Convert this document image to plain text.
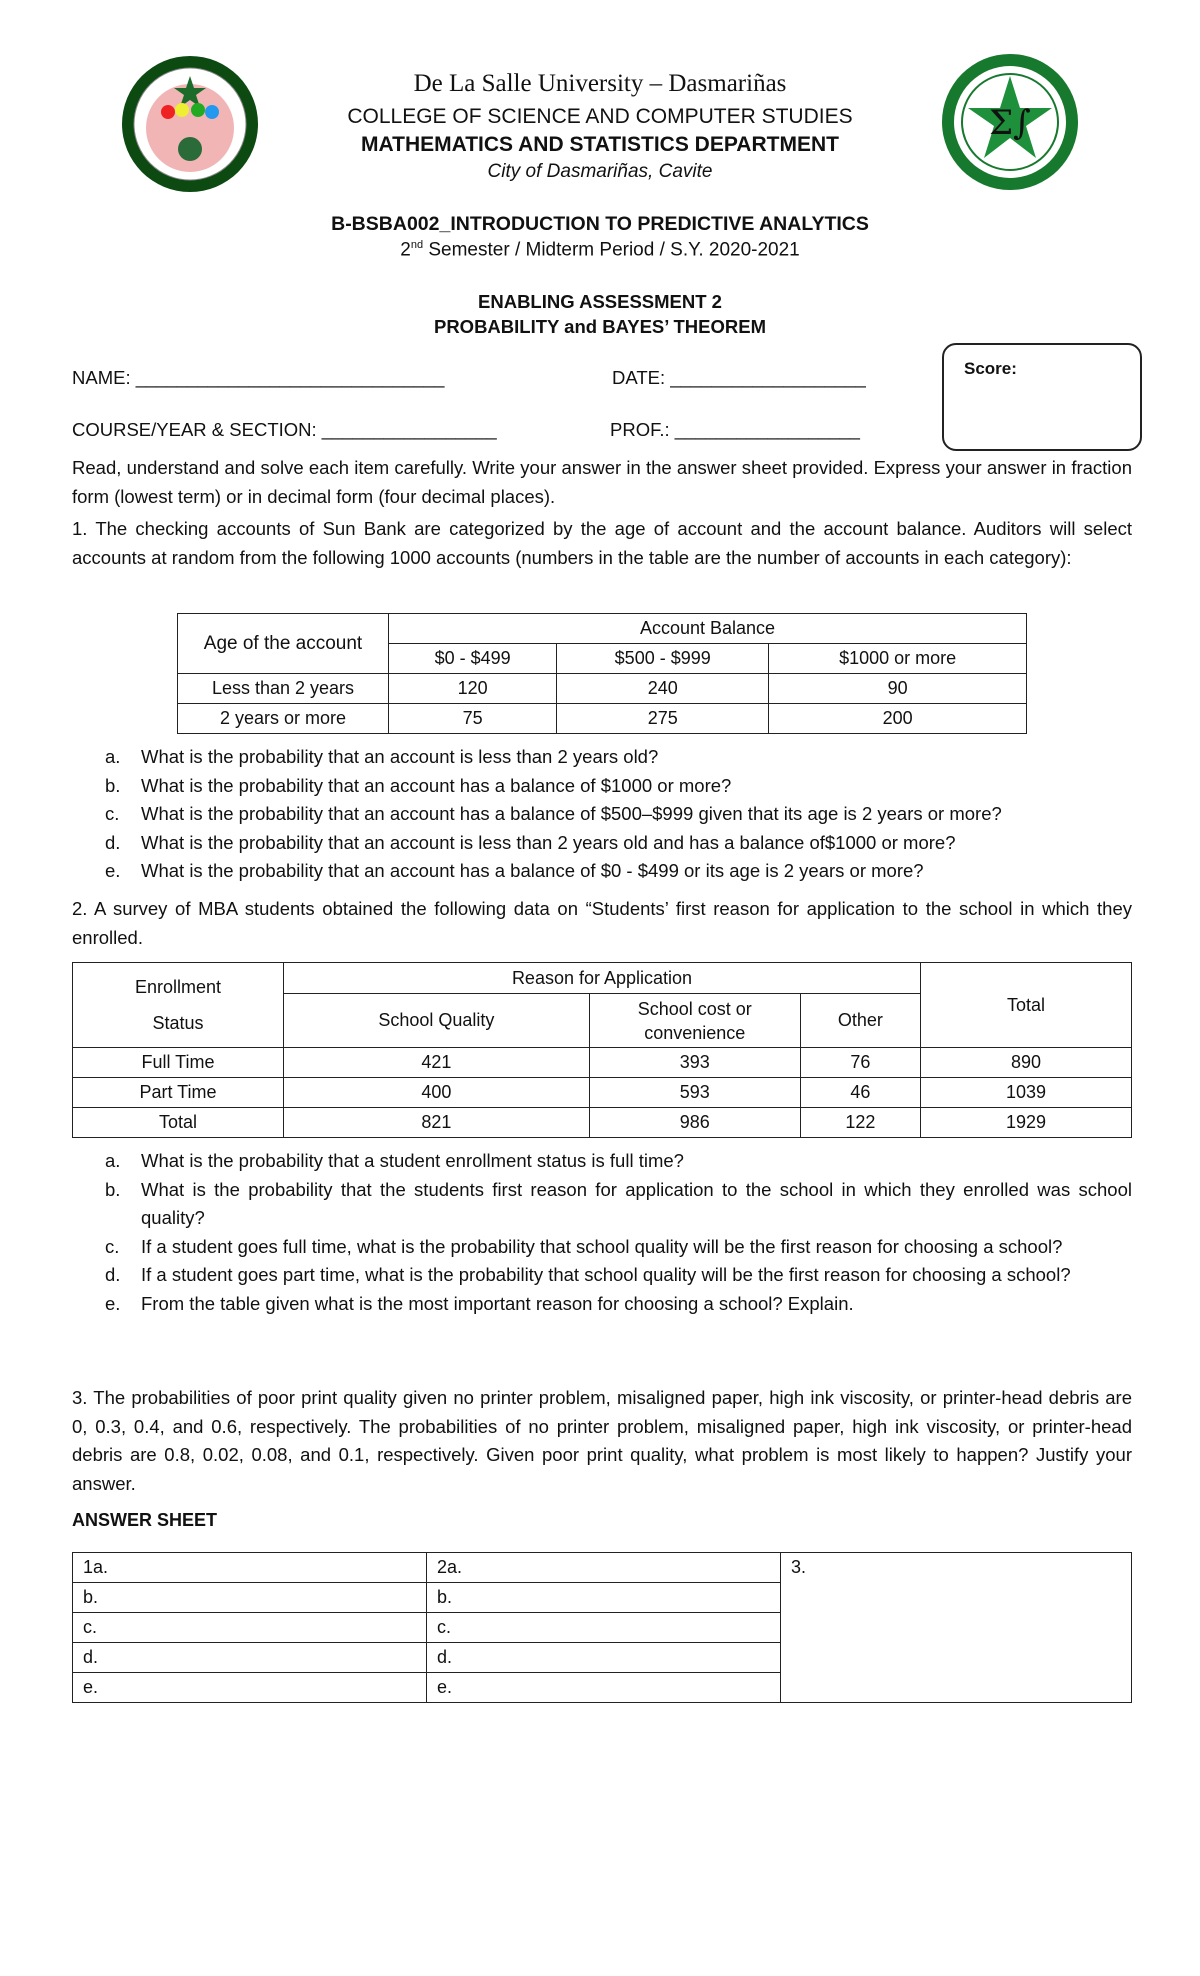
Σ∫
De La Salle University – Dasmariñas
COLLEGE OF SCIENCE AND COMPUTER STUDIES
MATHEMATICS AND STATISTICS DEPARTMENT
City of Dasmariñas, Cavite
B-BSBA002_INTRODUCTION TO PREDICTIVE ANALYTICS
2nd Semester / Midterm Period / S.Y. 2020-2021
ENABLING ASSESSMENT 2
PROBABILITY and BAYES’ THEOREM
NAME: ______________________________	DATE: ___________________
COURSE/YEAR & SECTION: _________________	PROF.: __________________
Score:
Read, understand and solve each item carefully. Write your answer in the answer sheet provided. Express your answer in fraction form (lowest term) or in decimal form (four decimal places).
1. The checking accounts of Sun Bank are categorized by the age of account and the account balance. Auditors will select accounts at random from the following 1000 accounts (numbers in the table are the number of accounts in each category):
Age of the account	Account Balance		
	$0 - $499	$500 - $999	$1000 or more
Less than 2 years	120	240	90
2 years or more	75	275	200
a.	What is the probability that an account is less than 2 years old?
b.	What is the probability that an account has a balance of $1000 or more?
c.	What is the probability that an account has a balance of $500–$999 given that its age is 2 years or more?
d.	What is the probability that an account is less than 2 years old and has a balance of$1000 or more?
e.	What is the probability that an account has a balance of $0 - $499 or its age is 2 years or more?
2. A survey of MBA students obtained the following data on “Students’ first reason for application to the school in which they enrolled.
Enrollment
Status	Reason for Application			Total
	School Quality	School cost or convenience	Other	
Full Time	421	393	76	890
Part Time	400	593	46	1039
Total	821	986	122	1929
a.	What is the probability that a student enrollment status is full time?
b.	What is the probability that the students first reason for application to the school in which they enrolled was school quality?
c.	If a student goes full time, what is the probability that school quality will be the first reason for choosing a school?
d.	If a student goes part time, what is the probability that school quality will be the first reason for choosing a school?
e.	From the table given what is the most important reason for choosing a school? Explain.
3. The probabilities of poor print quality given no printer problem, misaligned paper, high ink viscosity, or printer-head debris are 0, 0.3, 0.4, and 0.6, respectively. The probabilities of no printer problem, misaligned paper, high ink viscosity, or printer-head debris are 0.8, 0.02, 0.08, and 0.1, respectively. Given poor print quality, what problem is most likely to happen? Justify your answer.
ANSWER SHEET
1a.	2a.	3.
b.	b.	
c.	c.	
d.	d.	
e.	e.	
